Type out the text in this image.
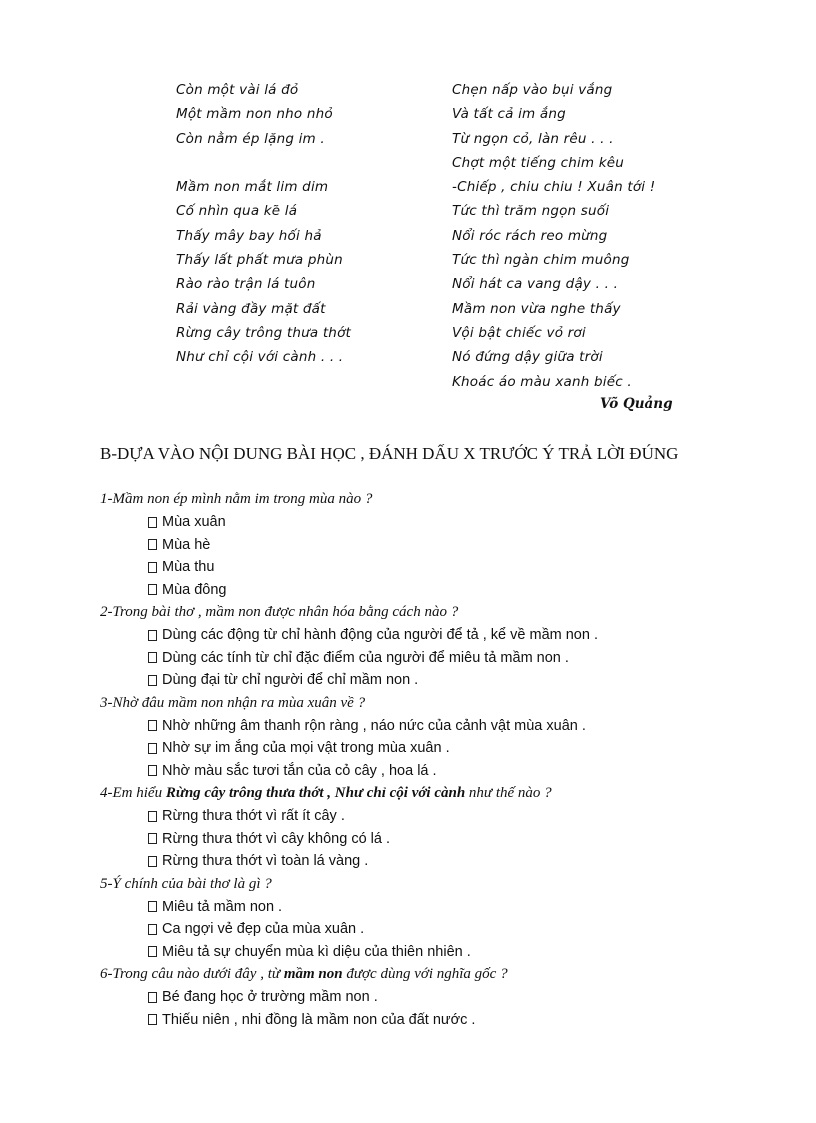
Còn một vài lá đỏ
Một mầm non nho nhỏ
Còn nằm ép lặng im .
Mầm non mắt lim dim
Cố nhìn qua kẽ lá
Thấy mây bay hối hả
Thấy lất phất mưa phùn
Rào rào trận lá tuôn
Rải vàng đầy mặt đất
Rừng cây trông thưa thớt
Như chỉ cội với cành . . .
Chẹn nấp vào bụi vắng
Và tất cả im ắng
Từ ngọn cỏ, làn rêu . . .
Chợt một tiếng chim kêu
-Chiếp , chiu chiu ! Xuân tới !
Tức thì trăm ngọn suối
Nổi róc rách reo mừng
Tức thì ngàn chim muông
Nổi hát ca vang dậy . . .
Mầm non vừa nghe thấy
Vội bật chiếc vỏ rơi
Nó đứng dậy giữa trời
Khoác áo màu xanh biếc .
Võ Quảng
B-DỰA VÀO NỘI DUNG BÀI HỌC , ĐÁNH DẤU X TRƯỚC Ý TRẢ LỜI ĐÚNG
1-Mầm non ép mình nằm im trong mùa nào ?
Mùa xuân
Mùa hè
Mùa thu
Mùa đông
2-Trong bài thơ , mầm non được nhân hóa bằng cách nào ?
Dùng các động từ chỉ hành động của người để tả , kể về mầm non .
Dùng các tính từ chỉ đặc điểm của người để miêu tả mầm non .
Dùng đại từ chỉ người để chỉ mầm non .
3-Nhờ đâu mầm non nhận ra mùa xuân về ?
Nhờ những âm thanh rộn ràng , náo nức của cảnh vật mùa xuân .
Nhờ sự im ắng của mọi vật trong mùa xuân .
Nhờ màu sắc tươi tắn của cỏ cây , hoa lá .
4-Em hiểu Rừng cây trông thưa thớt , Như chỉ cội với cành như thế nào ?
Rừng thưa thớt vì rất ít cây .
Rừng thưa thớt vì cây không có lá .
Rừng thưa thớt vì toàn lá vàng .
5-Ý chính của bài thơ là gì ?
Miêu tả mầm non .
Ca ngợi vẻ đẹp của mùa xuân .
Miêu tả sự chuyển mùa kì diệu của thiên nhiên .
6-Trong câu nào dưới đây , từ mầm non được dùng với nghĩa gốc ?
Bé đang học ở trường mầm non .
Thiếu niên , nhi đồng là mầm non của đất nước .
